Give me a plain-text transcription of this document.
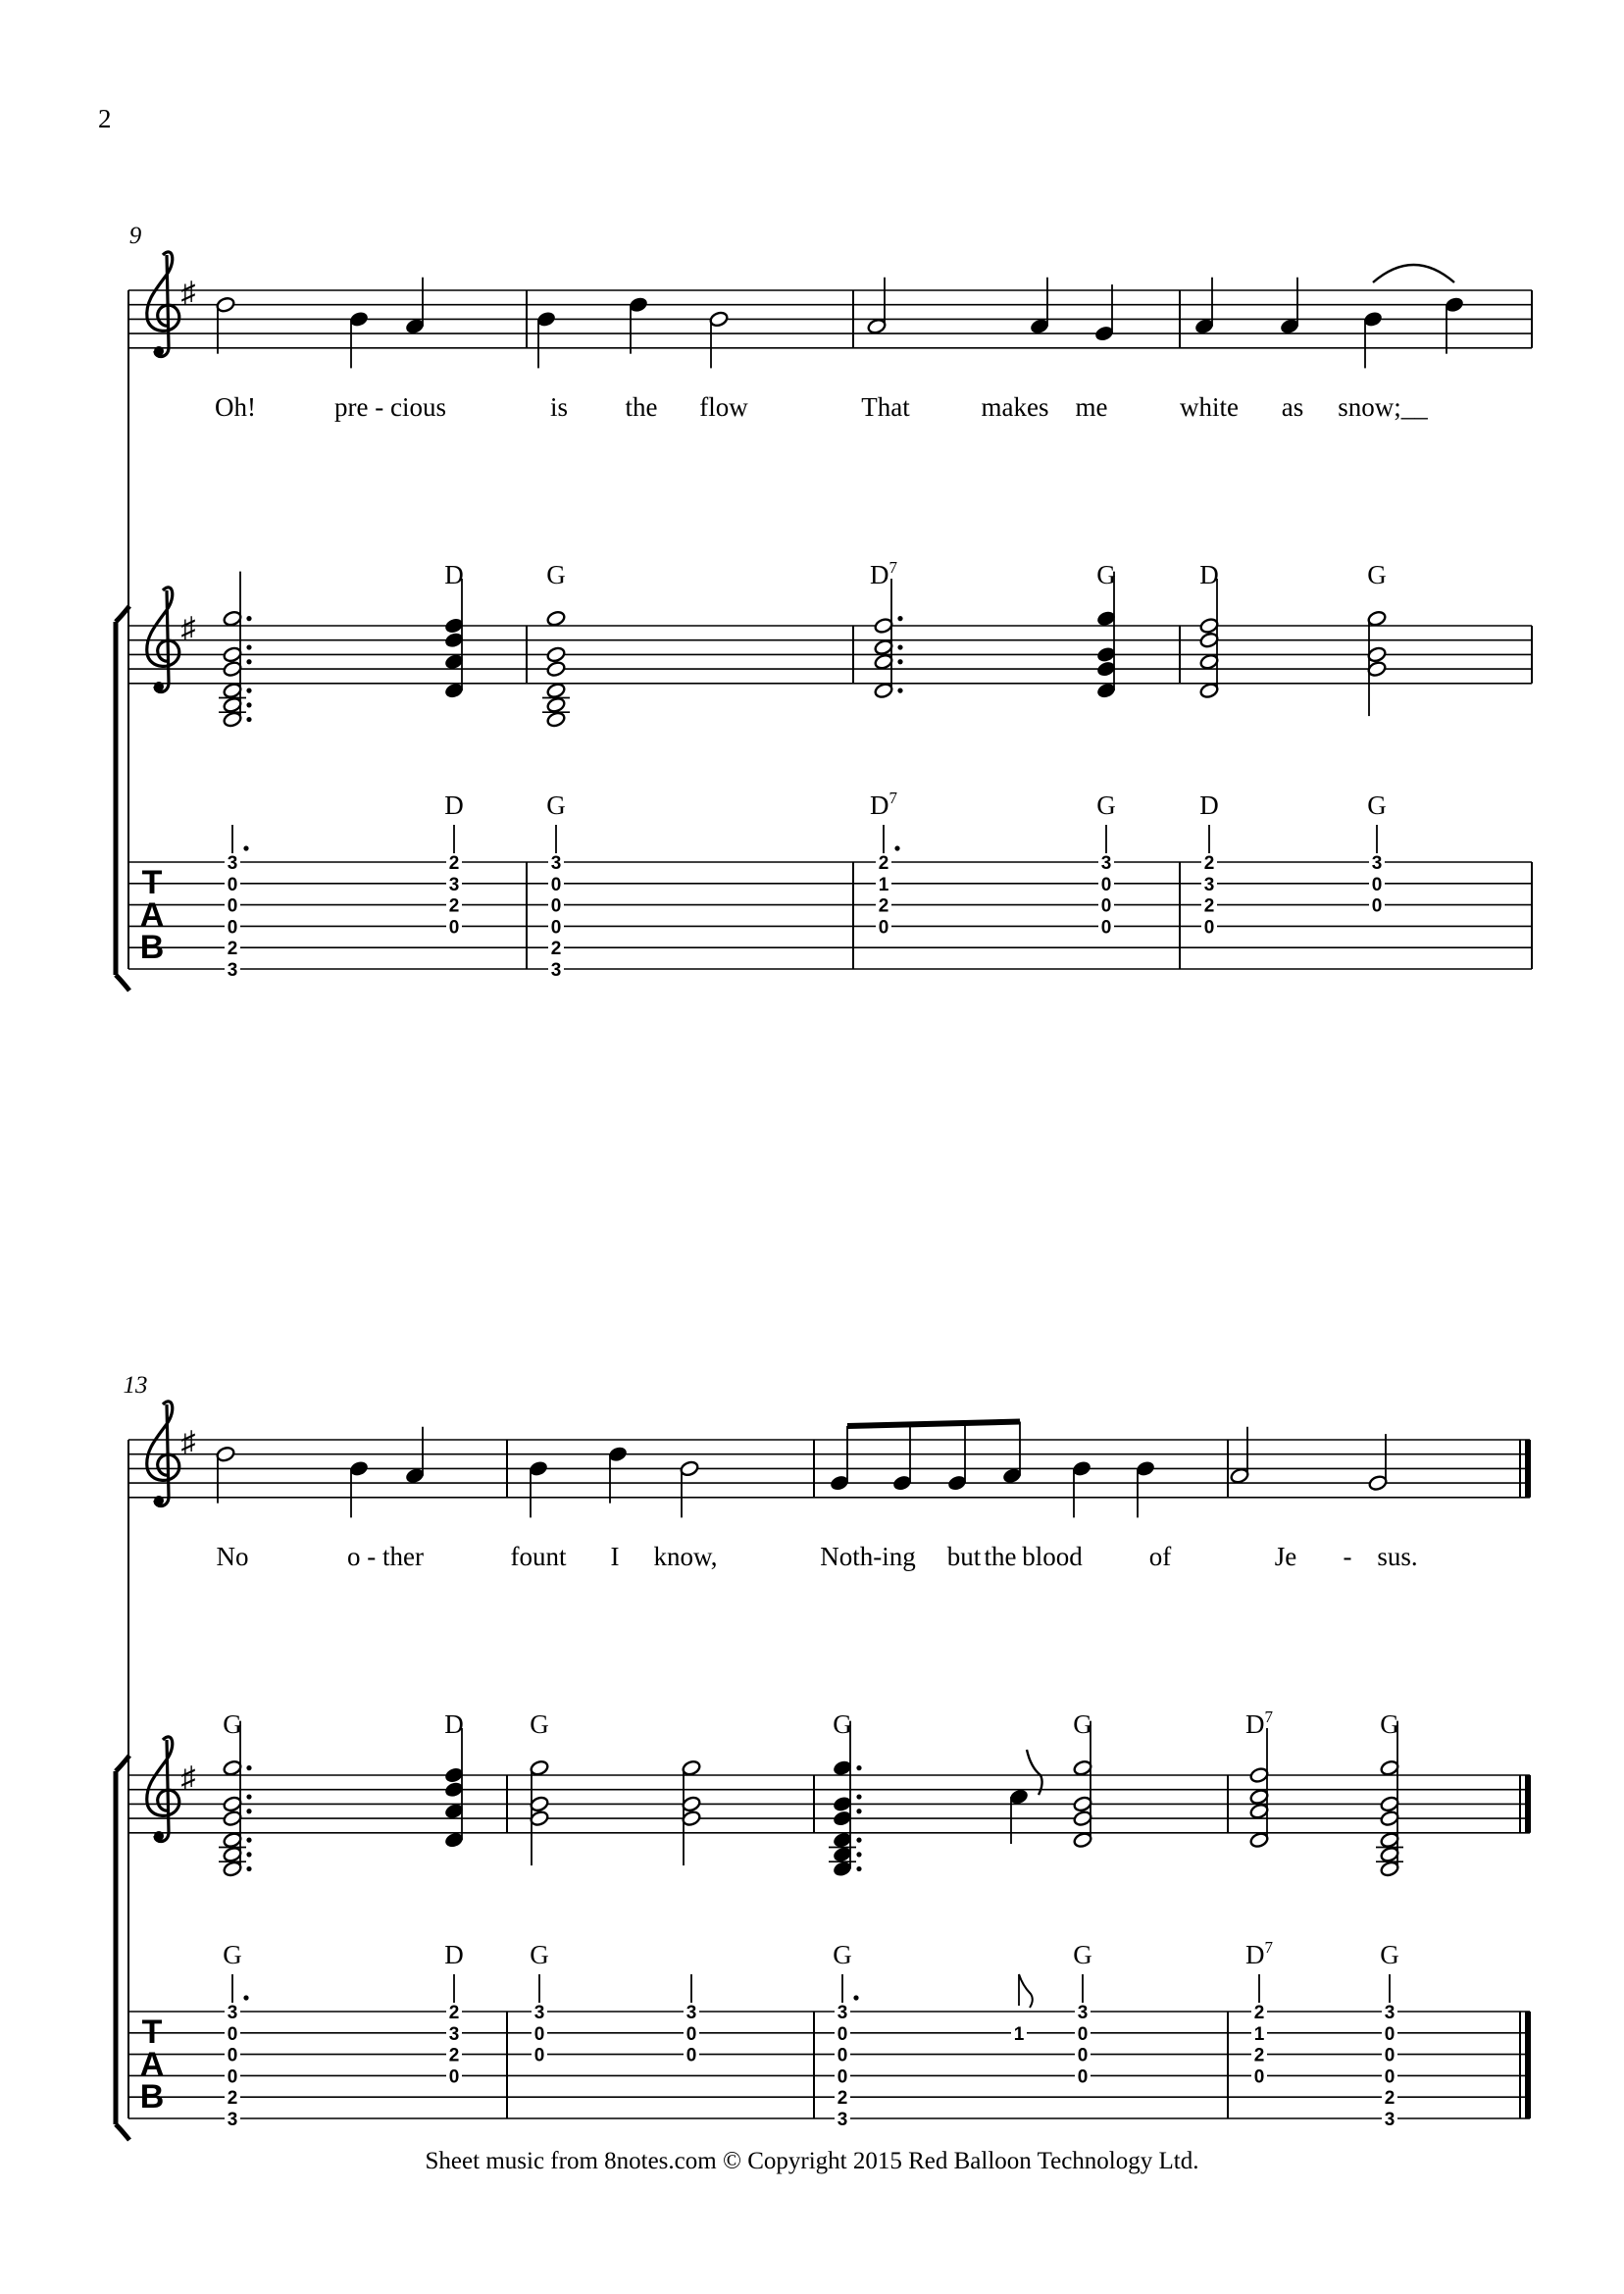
2
9
♯
♯
T
A
B
Oh!	pre - cious	is the flow	That	makes me	white as snow;__
3
0
0
0
2
3
D
D
2
3
2
0
G
G
3
0
0
0
2
3
$D^7$
$D^7$
2
1
2
0
G
G
3
0
0
0
D
D
2
3
2
0
G
G
3
0
0
13
♯
♯
T
A
B
No	o - ther	fount I know,	Noth-ing but the blood	of	Je - sus.
G
G
3
0
0
0
2
3
D
D
2
3
2
0
G
G
3
0
0
3
0
0
G
G
3
0
0
0
2
3
1
G
G
3
0
0
0
$D^7$
$D^7$
2
1
2
0
G
G
3
0
0
0
2
3
Sheet music from 8notes.com © Copyright 2015 Red Balloon Technology Ltd.
